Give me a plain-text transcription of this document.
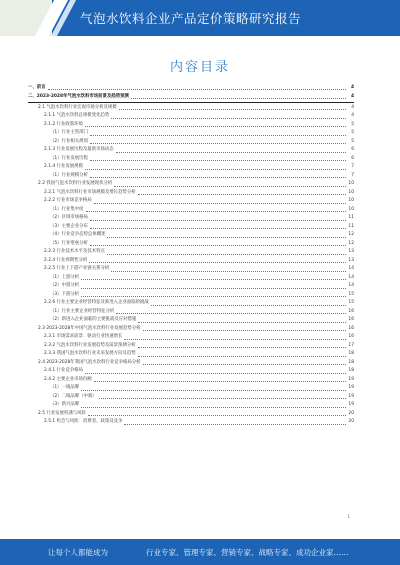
气泡水饮料企业产品定价策略研究报告
内容目录
一、前言	4
二、2023-2028年气泡水饮料市场前景及趋势预测	4
2.1 气泡水饮料行业宏观市场分析及规模	4
2.1.1 气泡水饮料总规模变化趋势	4
2.1.2 行业政策环境	5
（1）行业主管部门	5
（2）行业相关规划	5
2.1.3 行业发展历程及最新市场动态	6
（1）行业发展历程	6
2.1.4 行业发展规模	7
（1）行业规模分析	7
2.2 我国气泡水饮料行业发展现状分析	10
2.2.1 气泡水饮料行业市场规模及增长趋势分析	10
2.2.2 行业市场竞争格局	10
（1）行业集中度	10
（2）区域市场格局	11
（3）主要企业分布	11
（4）行业竞争态势总体概述	12
（5）行业壁垒分析	12
2.2.3 行业技术水平及技术特点	13
2.2.4 行业周期性分析	13
2.2.5 行业上下游产业链关系分析	14
（1）上游分析	14
（2）中游分析	14
（3）下游分析	15
2.2.6 行业主要企业经营特征及新进入企业面临的挑战	15
（1）行业主要企业经营特征分析	16
（2）新进入企业面临的主要挑战及应对措施	16
2.3 2023-2028年中国气泡水饮料行业发展趋势分析	16
2.3.1 市场需求前景：驱动行业快速增长	16
2.3.2 气泡水饮料行业发展趋势及前景预测分析	17
2.3.3 我国气泡水饮料行业未来发展方向及趋势	18
2.4 2023-2028年我国气泡水饮料行业竞争格局分析	18
2.4.1 行业竞争格局	18
2.4.2 主要企业市场份额	19
（1）一线品牌	19
（2）二线品牌（中端）	19
（3）新兴品牌	19
2.5 行业发展机遇与风险	20
2.5.1 机会与风险：消费者、政策及竞争	20
1
让每个人都能成为	行业专家、管理专家、营销专家、战略专家、成功企业家……
